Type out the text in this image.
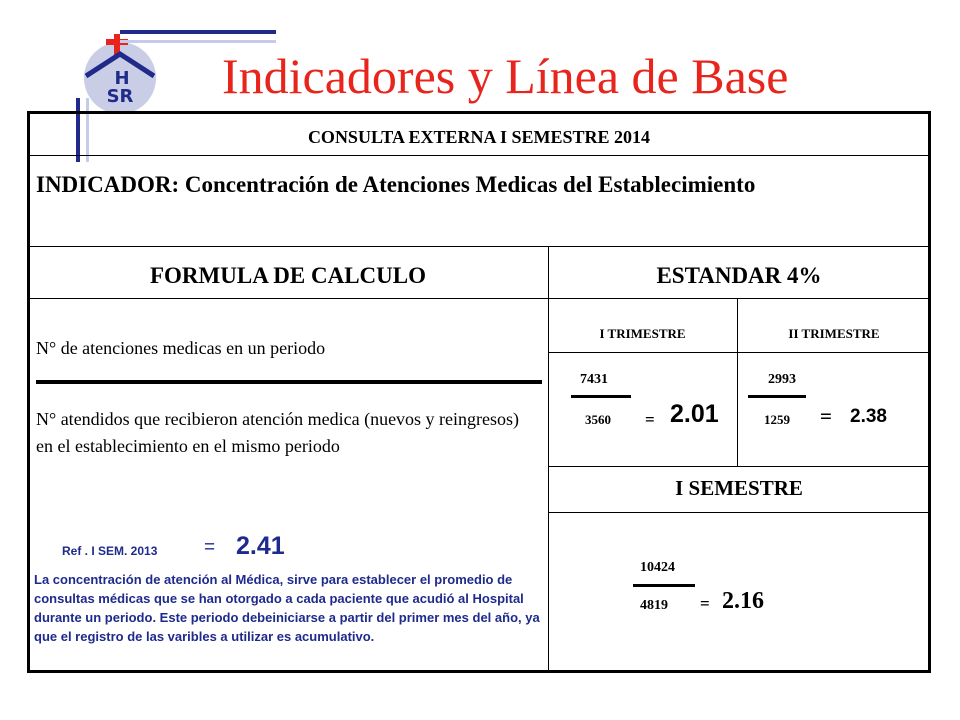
H
SR Indicadores y Línea de Base
CONSULTA EXTERNA I SEMESTRE 2014
INDICADOR: Concentración de Atenciones Medicas del Establecimiento
FORMULA DE CALCULO	ESTANDAR 4%
N° de atenciones medicas en un periodo
N° atendidos que recibieron atención medica (nuevos y reingresos) en el establecimiento en el mismo periodo
Ref . I SEM. 2013 = 2.41
La concentración de atención al Médica, sirve para establecer el promedio de consultas médicas que se han otorgado a cada paciente que acudió al Hospital durante un periodo. Este periodo debeiniciarse a partir del primer mes del año, ya que el registro de las varibles a utilizar es acumulativo.
I TRIMESTRE
7431
3560 = 2.01
II TRIMESTRE
2993
1259 = 2.38
I SEMESTRE
10424
4819 = 2.16
